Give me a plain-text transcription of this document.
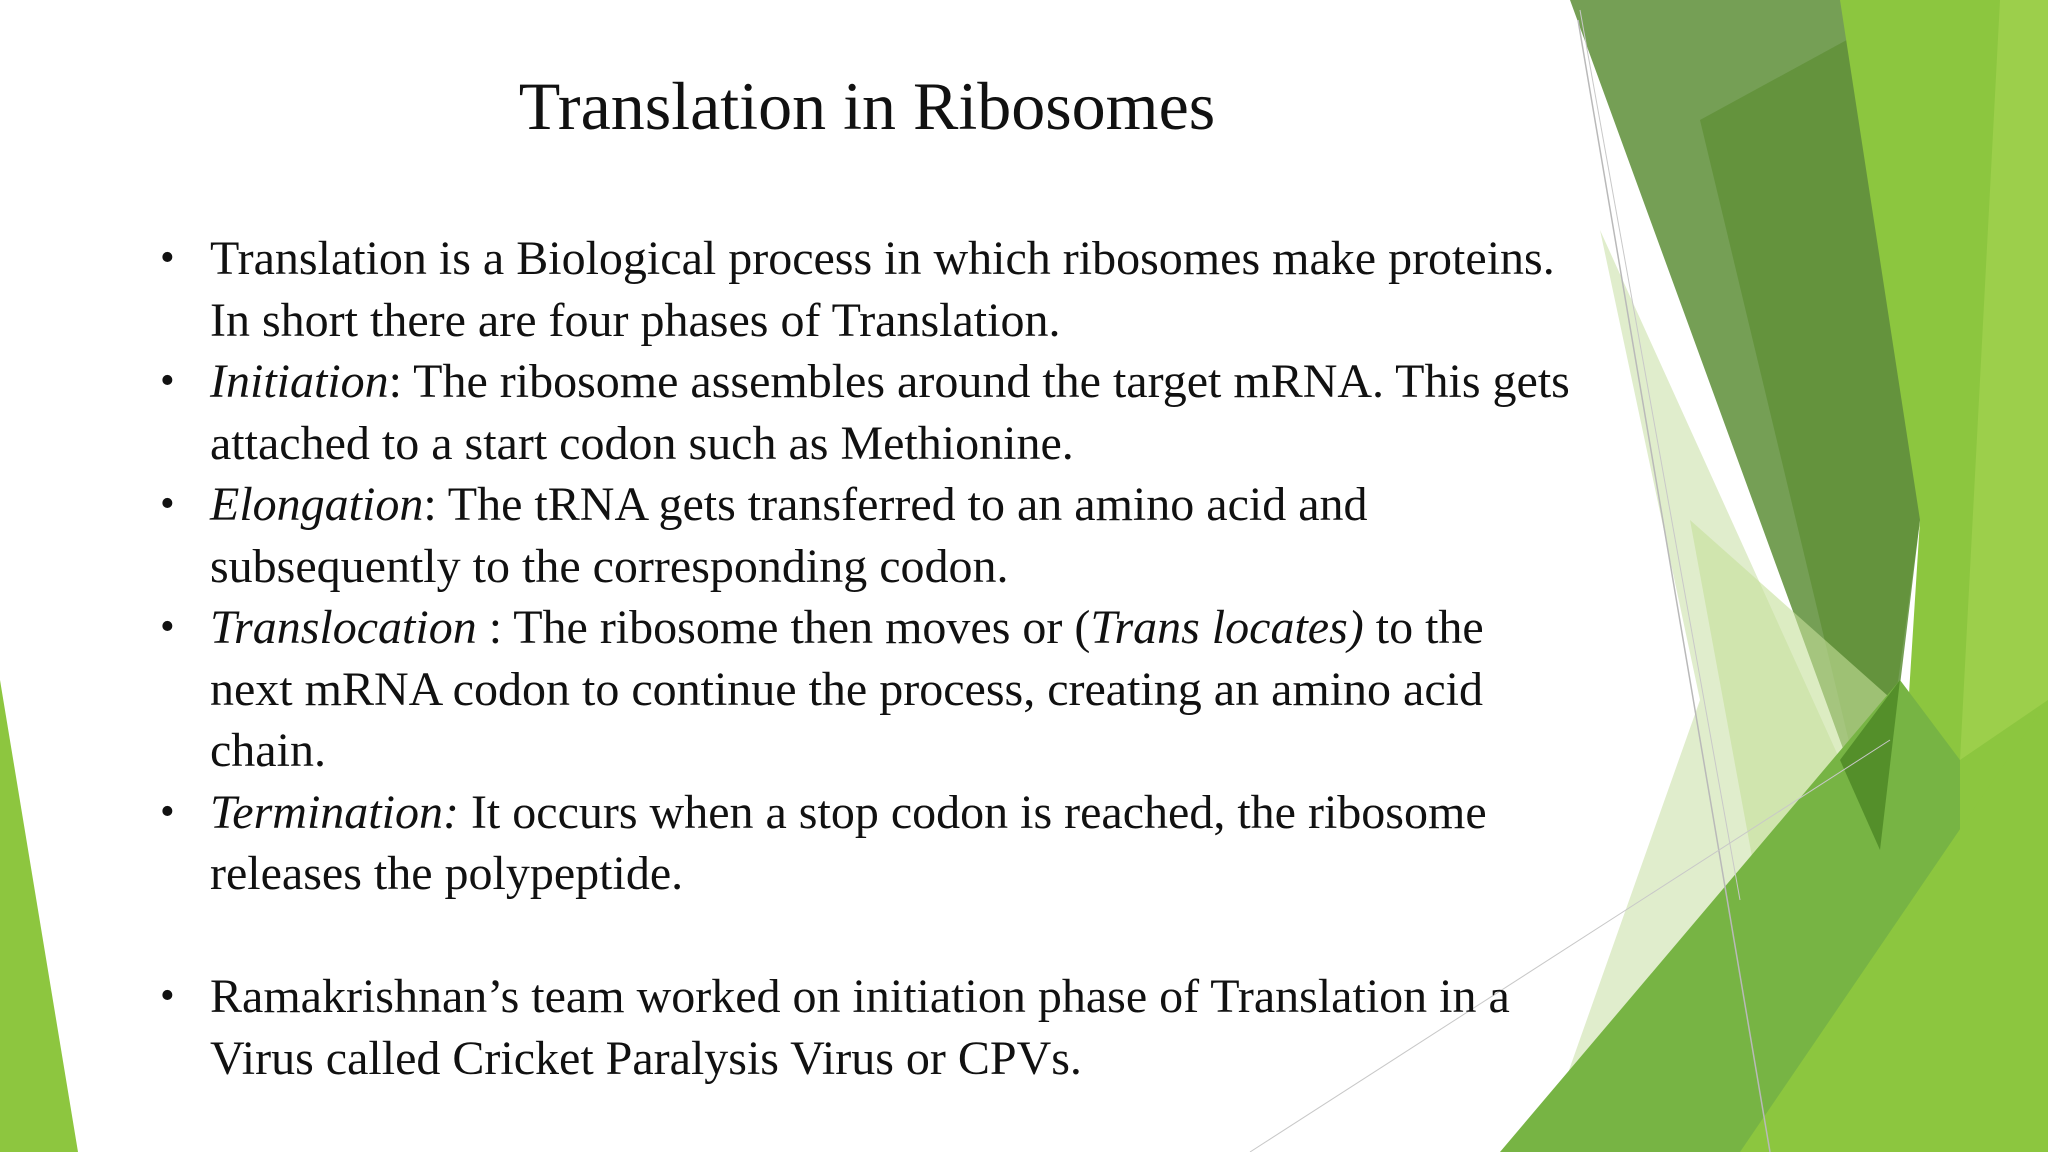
Translation in Ribosomes
• Translation is a Biological process in which ribosomes make proteins. In short there are four phases of Translation.
• Initiation: The ribosome assembles around the target mRNA. This gets attached to a start codon such as Methionine.
• Elongation: The tRNA gets transferred to an amino acid and subsequently to the corresponding codon.
• Translocation : The ribosome then moves or (Trans locates) to the next mRNA codon to continue the process, creating an amino acid chain.
• Termination: It occurs when a stop codon is reached, the ribosome releases the polypeptide.
• Ramakrishnan’s team worked on initiation phase of Translation in a Virus called Cricket Paralysis Virus or CPVs.
